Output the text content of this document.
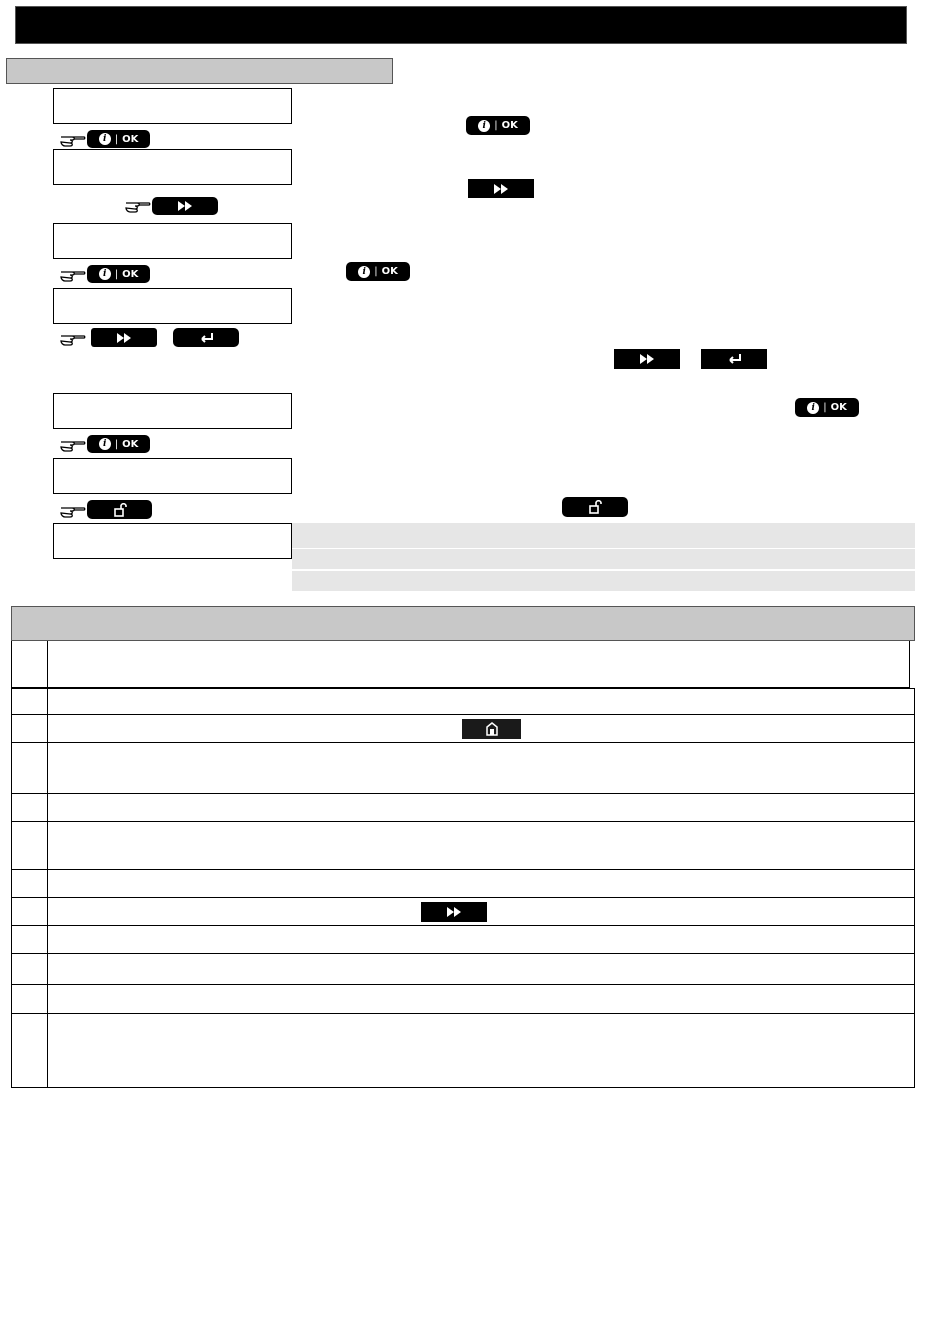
i | OK
i | OK
i | OK
i | OK
i | OK
i | OK
